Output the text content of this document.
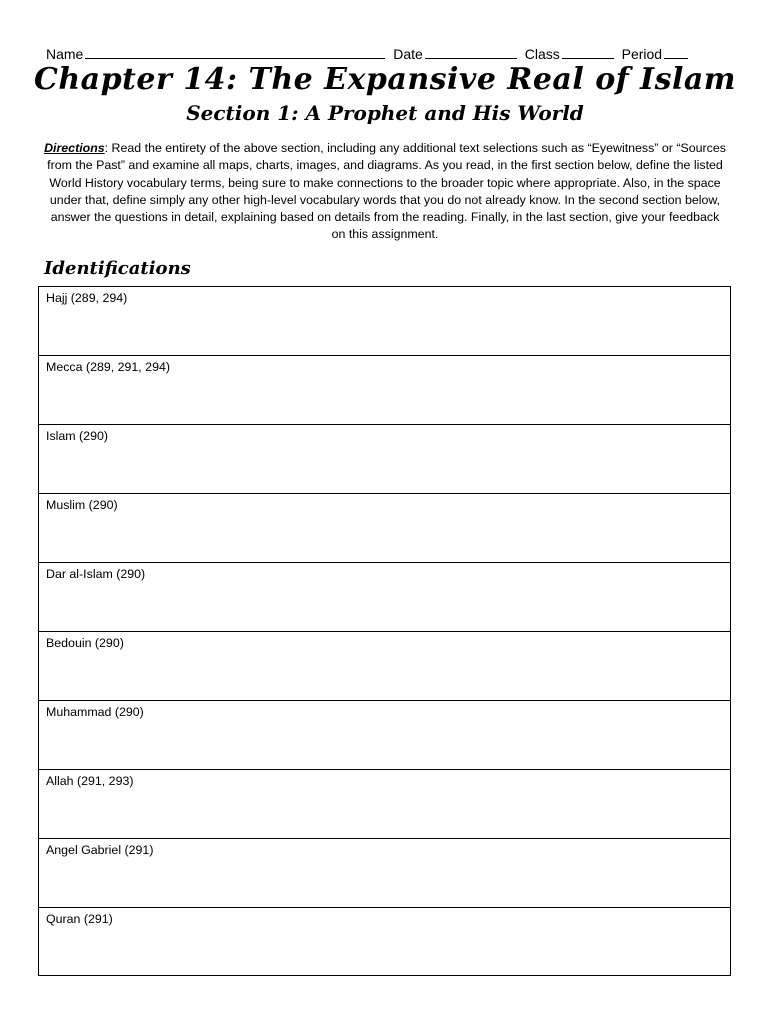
Name	Date	Class	Period
Chapter 14: The Expansive Real of Islam
Section 1: A Prophet and His World
Directions: Read the entirety of the above section, including any additional text selections such as “Eyewitness” or “Sources from the Past” and examine all maps, charts, images, and diagrams. As you read, in the first section below, define the listed World History vocabulary terms, being sure to make connections to the broader topic where appropriate. Also, in the space under that, define simply any other high-level vocabulary words that you do not already know. In the second section below, answer the questions in detail, explaining based on details from the reading. Finally, in the last section, give your feedback on this assignment.
Identifications
Hajj (289, 294)
Mecca (289, 291, 294)
Islam (290)
Muslim (290)
Dar al-Islam (290)
Bedouin (290)
Muhammad (290)
Allah (291, 293)
Angel Gabriel (291)
Quran (291)
